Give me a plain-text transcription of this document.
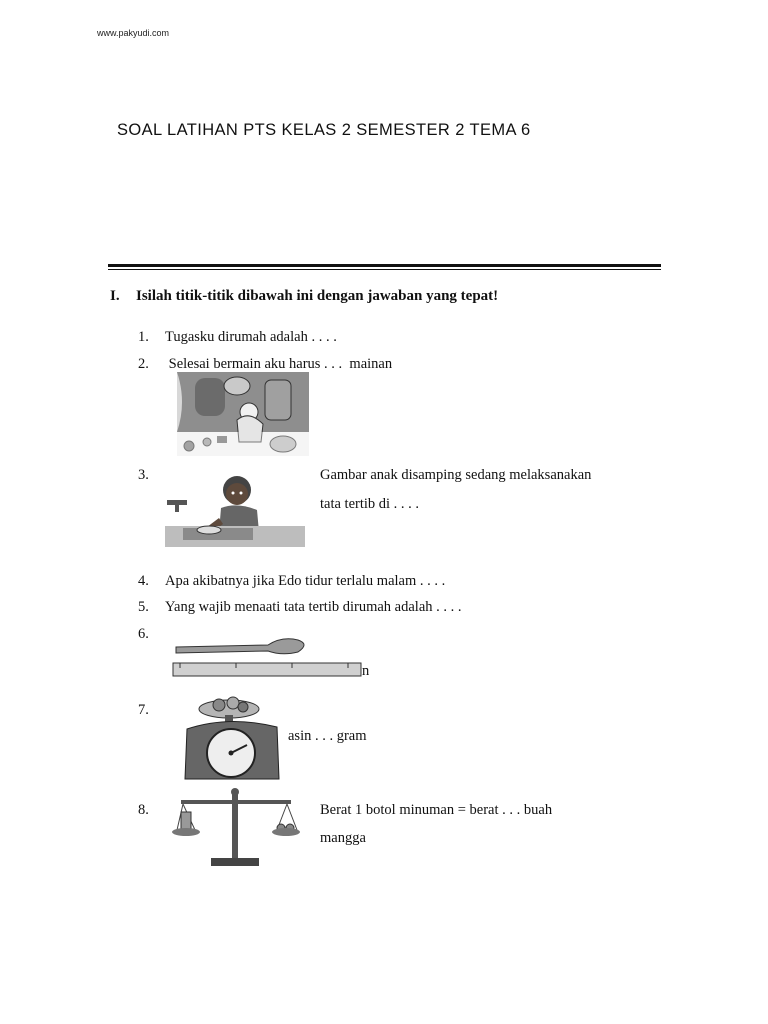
www.pakyudi.com
SOAL LATIHAN PTS KELAS 2 SEMESTER 2 TEMA 6
I. Isilah titik-titik dibawah ini dengan jawaban yang tepat!
1. Tugasku dirumah adalah . . . .
2. Selesai bermain aku harus . . .  mainan
3.	Gambar anak disamping sedang melaksanakan
tata tertib di . . . .
4. Apa akibatnya jika Edo tidur terlalu malam . . . .
5. Yang wajib menaati tata tertib dirumah adalah . . . .
6.
n
7.
asin . . . gram
8.	Berat 1 botol minuman = berat . . . buah
mangga
